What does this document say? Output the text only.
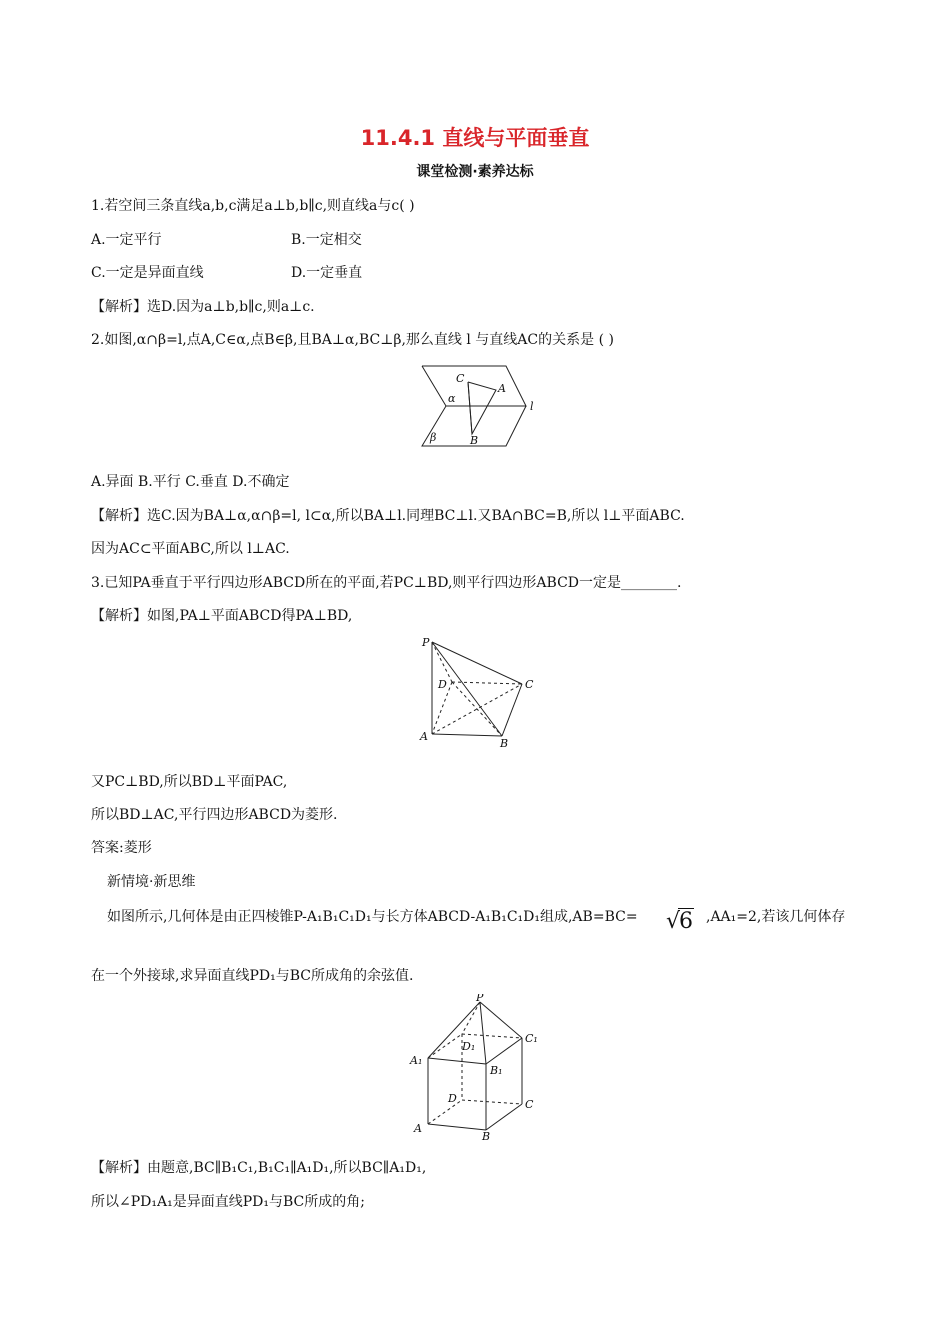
11.4.1 直线与平面垂直
课堂检测·素养达标
1.若空间三条直线a,b,c满足a⊥b,b∥c,则直线a与c( )
A.一定平行	B.一定相交
C.一定是异面直线	D.一定垂直
【解析】选D.因为a⊥b,b∥c,则a⊥c.
2.如图,α∩β=l,点A,C∈α,点B∈β,且BA⊥α,BC⊥β,那么直线 l 与直线AC的关系是 ( )
C
A
α
l
β	B
A.异面 B.平行 C.垂直 D.不确定
【解析】选C.因为BA⊥α,α∩β=l, l⊂α,所以BA⊥l.同理BC⊥l.又BA∩BC=B,所以 l⊥平面ABC.
因为AC⊂平面ABC,所以 l⊥AC.
3.已知PA垂直于平行四边形ABCD所在的平面,若PC⊥BD,则平行四边形ABCD一定是________.
【解析】如图,PA⊥平面ABCD得PA⊥BD,
P
D	C
A
B
又PC⊥BD,所以BD⊥平面PAC,
所以BD⊥AC,平行四边形ABCD为菱形.
答案:菱形
新情境·新思维
如图所示,几何体是由正四棱锥P-A₁B₁C₁D₁与长方体ABCD-A₁B₁C₁D₁组成,AB=BC= √6 ,AA₁=2,若该几何体存
在一个外接球,求异面直线PD₁与BC所成角的余弦值.
P
D₁
C₁
A₁
B₁
D	C
A
B
【解析】由题意,BC∥B₁C₁,B₁C₁∥A₁D₁,所以BC∥A₁D₁,
所以∠PD₁A₁是异面直线PD₁与BC所成的角;
